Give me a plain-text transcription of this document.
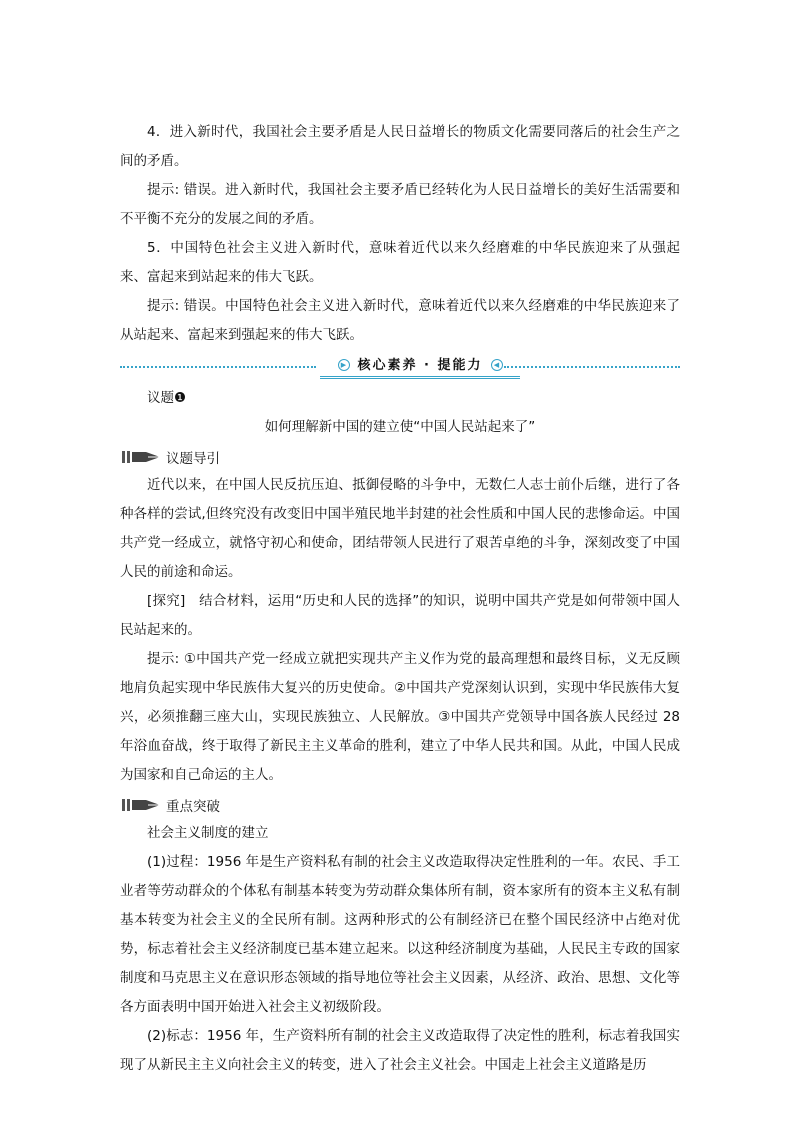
4．进入新时代，我国社会主要矛盾是人民日益增长的物质文化需要同落后的社会生产之间的矛盾。

提示: 错误。进入新时代，我国社会主要矛盾已经转化为人民日益增长的美好生活需要和不平衡不充分的发展之间的矛盾。

5．中国特色社会主义进入新时代，意味着近代以来久经磨难的中华民族迎来了从强起来、富起来到站起来的伟大飞跃。

提示: 错误。中国特色社会主义进入新时代，意味着近代以来久经磨难的中华民族迎来了从站起来、富起来到强起来的伟大飞跃。

▶ 核心素养 · 提能力 ◀

议题❶

如何理解新中国的建立使“中国人民站起来了”

议题导引

近代以来，在中国人民反抗压迫、抵御侵略的斗争中，无数仁人志士前仆后继，进行了各种各样的尝试,但终究没有改变旧中国半殖民地半封建的社会性质和中国人民的悲惨命运。中国共产党一经成立，就恪守初心和使命，团结带领人民进行了艰苦卓绝的斗争，深刻改变了中国人民的前途和命运。

[探究]　结合材料，运用“历史和人民的选择”的知识，说明中国共产党是如何带领中国人民站起来的。

提示: ①中国共产党一经成立就把实现共产主义作为党的最高理想和最终目标，义无反顾地肩负起实现中华民族伟大复兴的历史使命。②中国共产党深刻认识到，实现中华民族伟大复兴，必须推翻三座大山，实现民族独立、人民解放。③中国共产党领导中国各族人民经过 28 年浴血奋战，终于取得了新民主主义革命的胜利，建立了中华人民共和国。从此，中国人民成为国家和自己命运的主人。

重点突破

社会主义制度的建立

(1)过程：1956 年是生产资料私有制的社会主义改造取得决定性胜利的一年。农民、手工业者等劳动群众的个体私有制基本转变为劳动群众集体所有制，资本家所有的资本主义私有制基本转变为社会主义的全民所有制。这两种形式的公有制经济已在整个国民经济中占绝对优势，标志着社会主义经济制度已基本建立起来。以这种经济制度为基础，人民民主专政的国家制度和马克思主义在意识形态领域的指导地位等社会主义因素，从经济、政治、思想、文化等各方面表明中国开始进入社会主义初级阶段。

(2)标志：1956 年，生产资料所有制的社会主义改造取得了决定性的胜利，标志着我国实现了从新民主主义向社会主义的转变，进入了社会主义社会。中国走上社会主义道路是历
